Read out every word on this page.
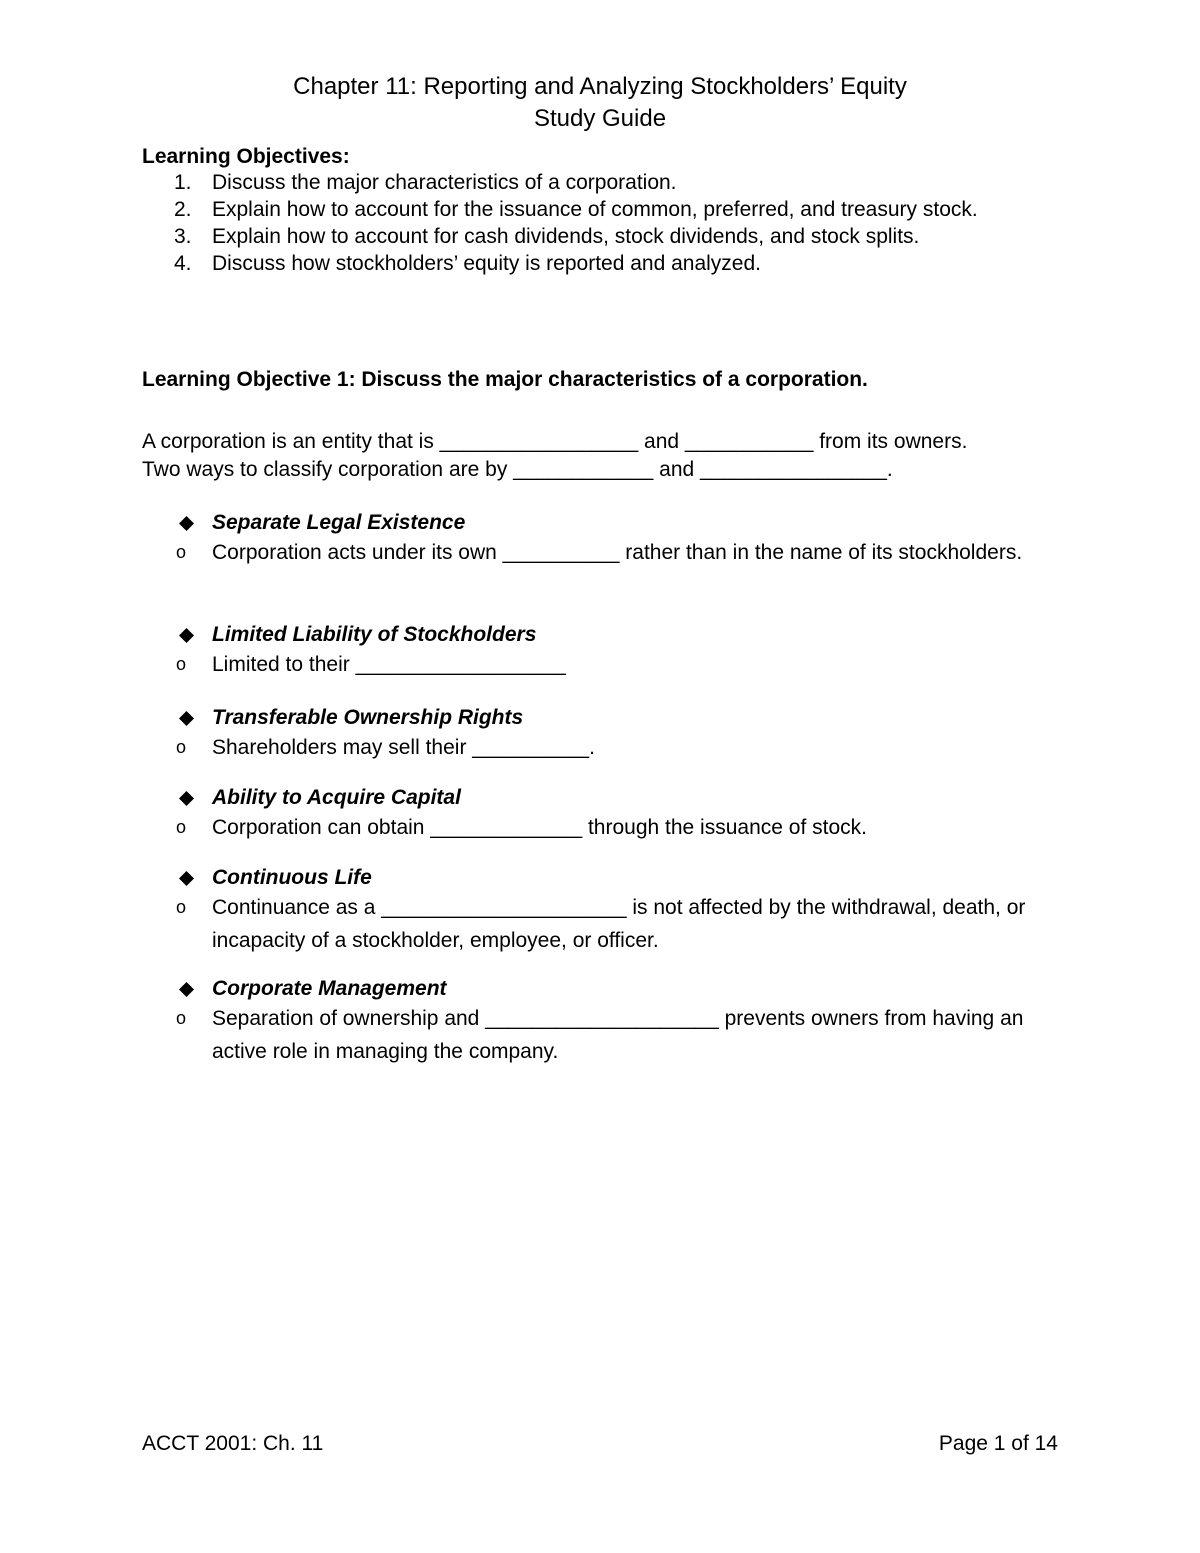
Chapter 11: Reporting and Analyzing Stockholders’ Equity
Study Guide
Learning Objectives:
1. Discuss the major characteristics of a corporation.
2. Explain how to account for the issuance of common, preferred, and treasury stock.
3. Explain how to account for cash dividends, stock dividends, and stock splits.
4. Discuss how stockholders’ equity is reported and analyzed.
Learning Objective 1: Discuss the major characteristics of a corporation.
A corporation is an entity that is _________________ and ___________ from its owners.
Two ways to classify corporation are by ____________ and ________________.
Separate Legal Existence
o Corporation acts under its own __________ rather than in the name of its stockholders.
Limited Liability of Stockholders
o Limited to their __________________
Transferable Ownership Rights
o Shareholders may sell their __________.
Ability to Acquire Capital
o Corporation can obtain _____________ through the issuance of stock.
Continuous Life
o Continuance as a _____________________ is not affected by the withdrawal, death, or incapacity of a stockholder, employee, or officer.
Corporate Management
o Separation of ownership and ____________________ prevents owners from having an active role in managing the company.
ACCT 2001: Ch. 11	Page 1 of 14
